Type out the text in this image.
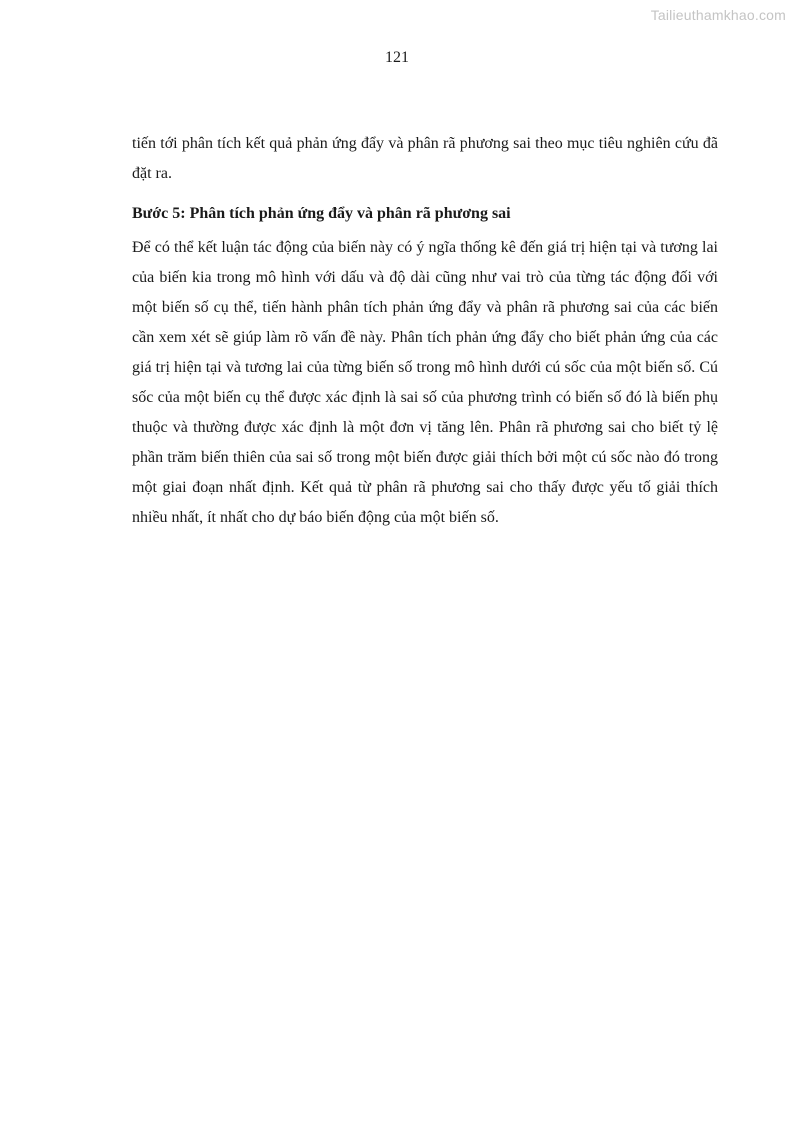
Tailieuthamkhao.com
121

tiến tới phân tích kết quả phản ứng đẩy và phân rã phương sai theo mục tiêu nghiên cứu đã đặt ra.

Bước 5: Phân tích phản ứng đẩy và phân rã phương sai

Để có thể kết luận tác động của biến này có ý ngĩa thống kê đến giá trị hiện tại và tương lai của biến kia trong mô hình với dấu và độ dài cũng như vai trò của từng tác động đối với một biến số cụ thể, tiến hành phân tích phản ứng đẩy và phân rã phương sai của các biến cần xem xét sẽ giúp làm rõ vấn đề này. Phân tích phản ứng đẩy cho biết phản ứng của các giá trị hiện tại và tương lai của từng biến số trong mô hình dưới cú sốc của một biến số. Cú sốc của một biến cụ thể được xác định là sai số của phương trình có biến số đó là biến phụ thuộc và thường được xác định là một đơn vị tăng lên. Phân rã phương sai cho biết tỷ lệ phần trăm biến thiên của sai số trong một biến được giải thích bởi một cú sốc nào đó trong một giai đoạn nhất định. Kết quả từ phân rã phương sai cho thấy được yếu tố giải thích nhiều nhất, ít nhất cho dự báo biến động của một biến số.
